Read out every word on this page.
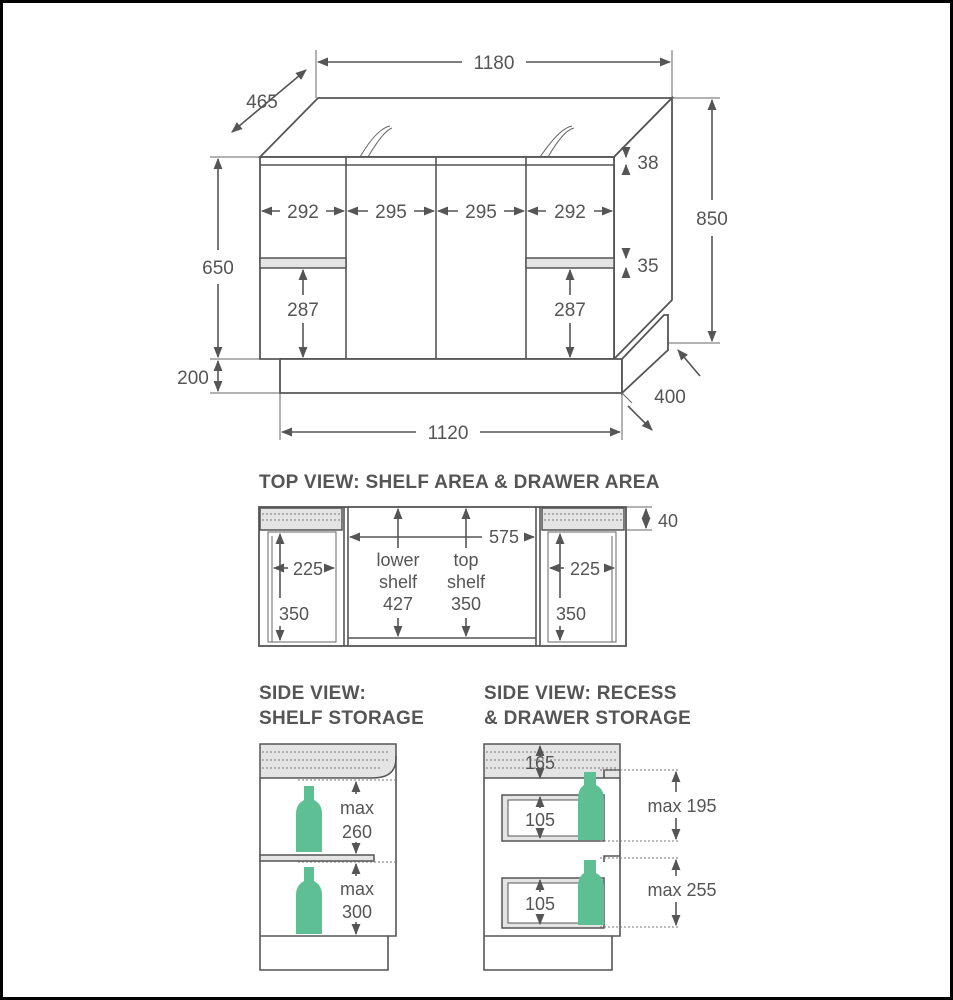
1180
465
850
650
200
1120
400
38
35
292	295	295	292
287	287
TOP VIEW: SHELF AREA & DRAWER AREA
40
575
225
350
225
350
lower
shelf
427
top
shelf
350
SIDE VIEW:
SHELF STORAGE
max
260
max
300
SIDE VIEW: RECESS
& DRAWER STORAGE
165
105
105
max 195
max 255
